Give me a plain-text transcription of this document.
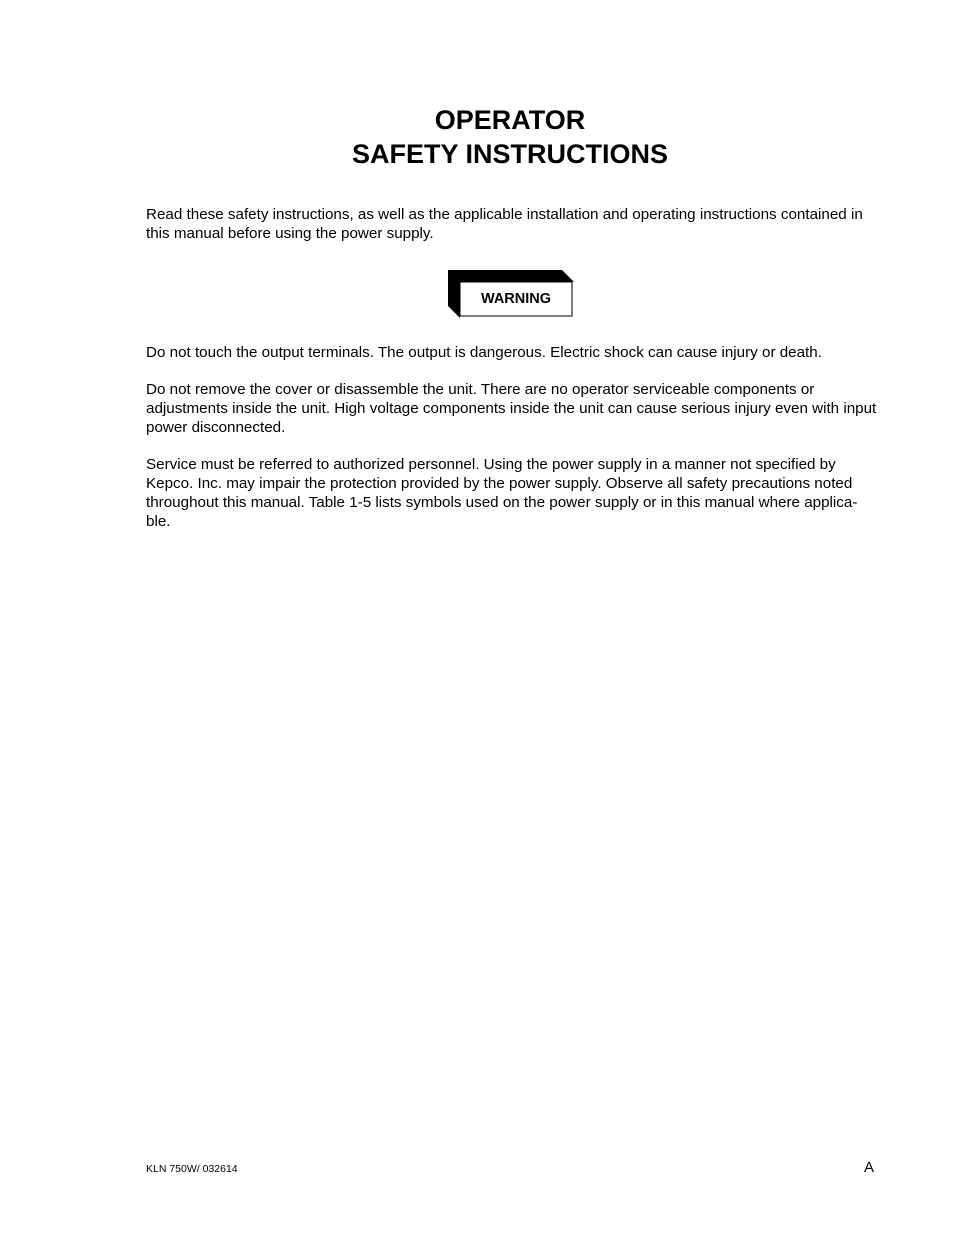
OPERATOR
SAFETY INSTRUCTIONS

Read these safety instructions, as well as the applicable installation and operating instructions contained in this manual before using the power supply.

WARNING

Do not touch the output terminals. The output is dangerous. Electric shock can cause injury or death.

Do not remove the cover or disassemble the unit. There are no operator serviceable components or adjustments inside the unit. High voltage components inside the unit can cause serious injury even with input power disconnected.

Service must be referred to authorized personnel. Using the power supply in a manner not specified by Kepco. Inc. may impair the protection provided by the power supply. Observe all safety precautions noted throughout this manual. Table 1-5 lists symbols used on the power supply or in this manual where applica-ble.

KLN 750W/ 032614	A
